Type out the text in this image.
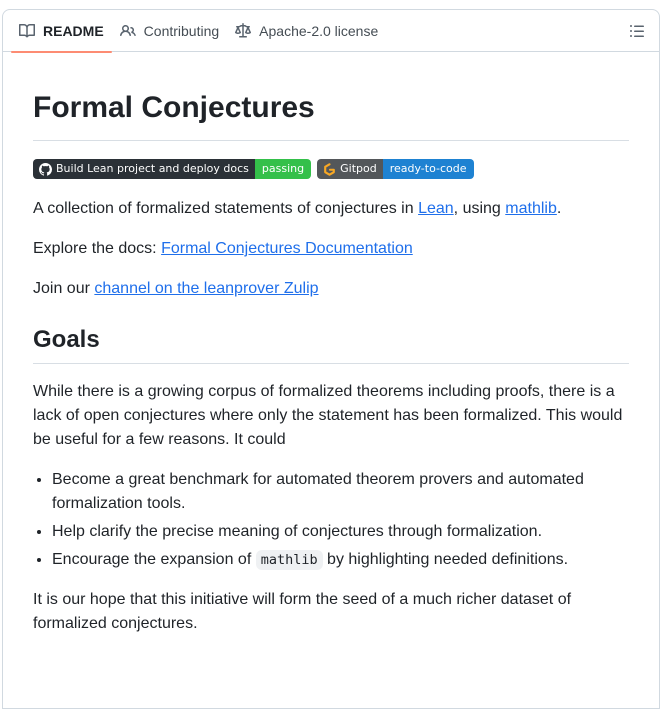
README	Contributing	Apache-2.0 license
Formal Conjectures

Build Lean project and deploy docs	passing	Gitpod	ready-to-code

A collection of formalized statements of conjectures in Lean, using mathlib.

Explore the docs: Formal Conjectures Documentation

Join our channel on the leanprover Zulip

Goals

While there is a growing corpus of formalized theorems including proofs, there is a lack of open conjectures where only the statement has been formalized. This would be useful for a few reasons. It could

• Become a great benchmark for automated theorem provers and automated formalization tools.
• Help clarify the precise meaning of conjectures through formalization.
• Encourage the expansion of mathlib by highlighting needed definitions.

It is our hope that this initiative will form the seed of a much richer dataset of formalized conjectures.
